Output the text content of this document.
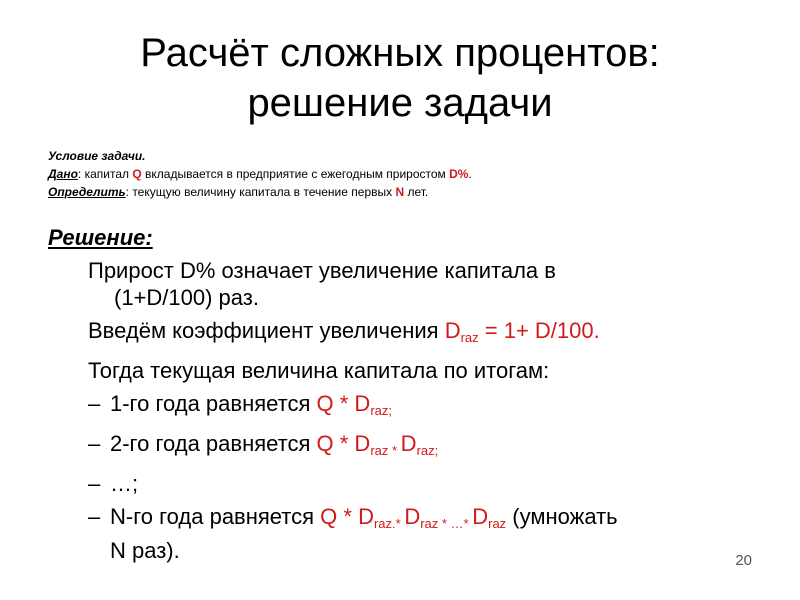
Расчёт сложных процентов:
решение задачи
Условие задачи.
Дано: капитал Q вкладывается в предприятие с ежегодным приростом D%.
Определить: текущую величину капитала в течение первых N лет.
Решение:
Прирост D% означает увеличение капитала в
(1+D/100) раз.
Введём коэффициент увеличения $D_{raz} = 1+ D/100$.
Тогда текущая величина капитала по итогам:
– 1-го года равняется Q * $D_{raz;}$
– 2-го года равняется Q * $D_{raz} * D_{raz;}$
– …;
– N-го года равняется Q * $D_{raz.}*$ $D_{raz}$ * …* $D_{raz}$ (умножать
N раз).	20
